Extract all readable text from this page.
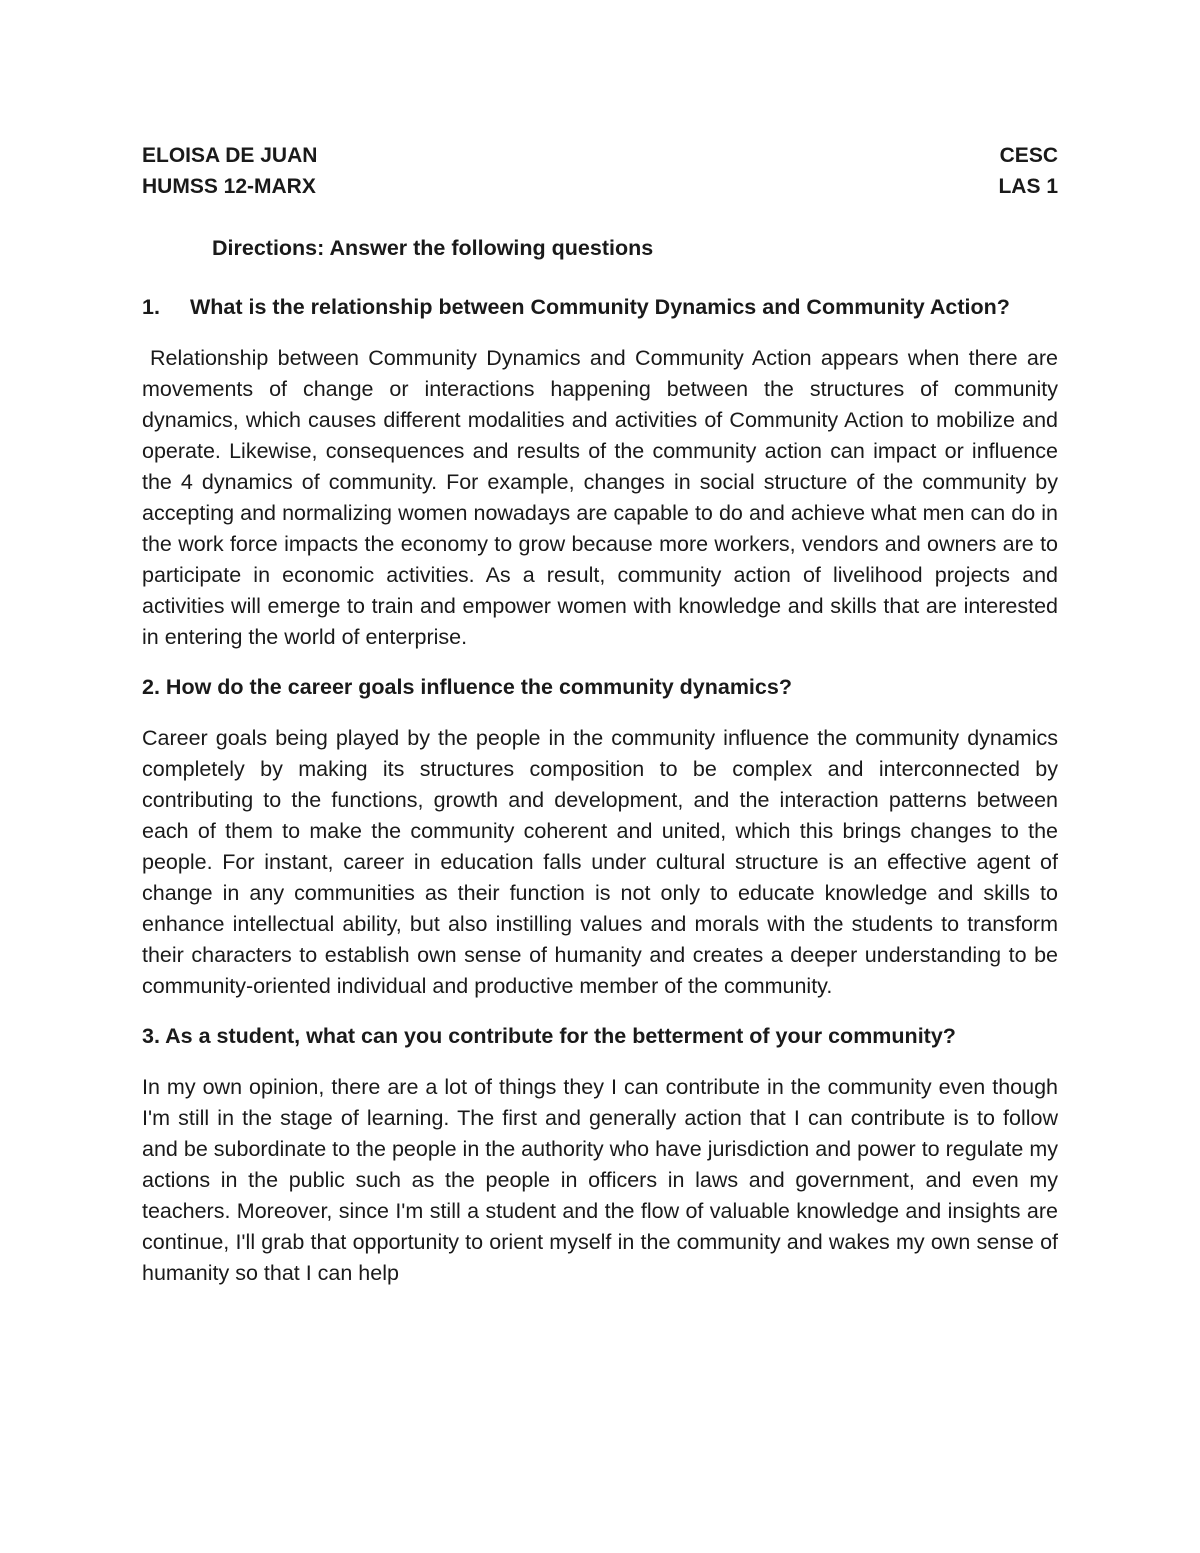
ELOISA DE JUAN	CESC
HUMSS 12-MARX	LAS 1

Directions: Answer the following questions

1. What is the relationship between Community Dynamics and Community Action?

Relationship between Community Dynamics and Community Action appears when there are movements of change or interactions happening between the structures of community dynamics, which causes different modalities and activities of Community Action to mobilize and operate. Likewise, consequences and results of the community action can impact or influence the 4 dynamics of community. For example, changes in social structure of the community by accepting and normalizing women nowadays are capable to do and achieve what men can do in the work force impacts the economy to grow because more workers, vendors and owners are to participate in economic activities. As a result, community action of livelihood projects and activities will emerge to train and empower women with knowledge and skills that are interested in entering the world of enterprise.

2. How do the career goals influence the community dynamics?

Career goals being played by the people in the community influence the community dynamics completely by making its structures composition to be complex and interconnected by contributing to the functions, growth and development, and the interaction patterns between each of them to make the community coherent and united, which this brings changes to the people. For instant, career in education falls under cultural structure is an effective agent of change in any communities as their function is not only to educate knowledge and skills to enhance intellectual ability, but also instilling values and morals with the students to transform their characters to establish own sense of humanity and creates a deeper understanding to be community-oriented individual and productive member of the community.

3. As a student, what can you contribute for the betterment of your community?

In my own opinion, there are a lot of things they I can contribute in the community even though I'm still in the stage of learning. The first and generally action that I can contribute is to follow and be subordinate to the people in the authority who have jurisdiction and power to regulate my actions in the public such as the people in officers in laws and government, and even my teachers. Moreover, since I'm still a student and the flow of valuable knowledge and insights are continue, I'll grab that opportunity to orient myself in the community and wakes my own sense of humanity so that I can help
